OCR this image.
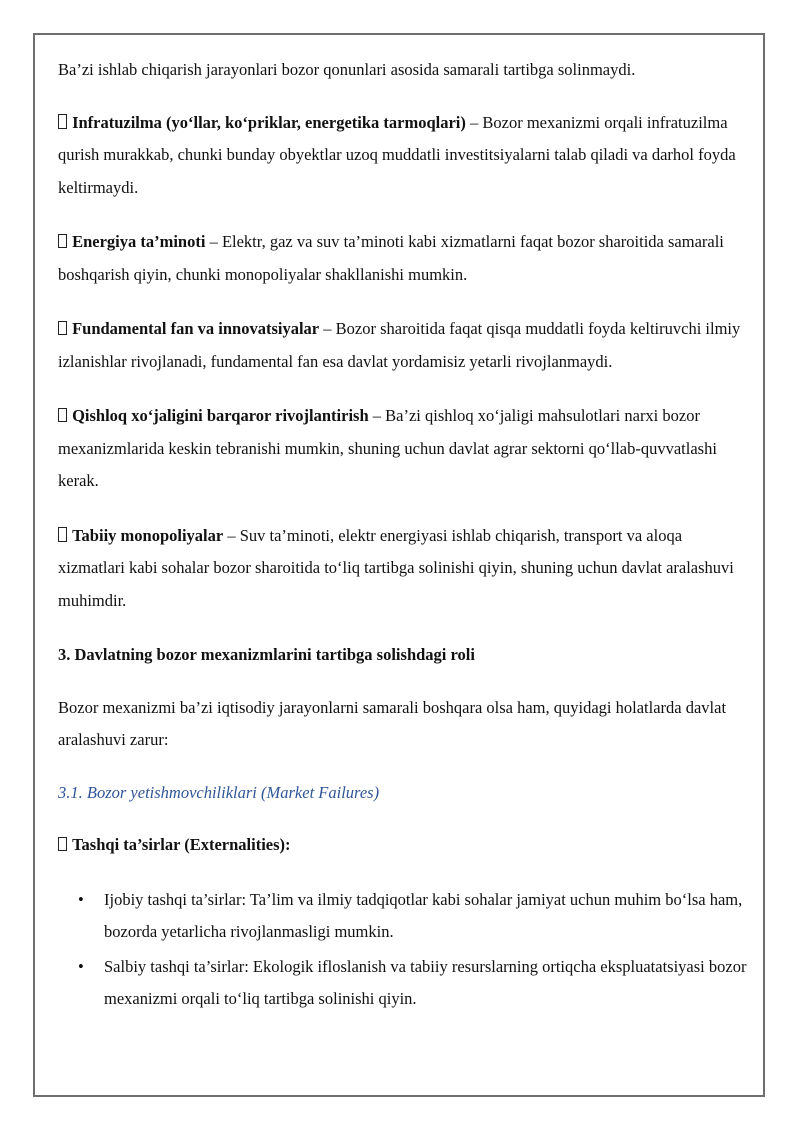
Ba’zi ishlab chiqarish jarayonlari bozor qonunlari asosida samarali tartibga solinmaydi.

Infratuzilma (yo‘llar, ko‘priklar, energetika tarmoqlari) – Bozor mexanizmi orqali infratuzilma qurish murakkab, chunki bunday obyektlar uzoq muddatli investitsiyalarni talab qiladi va darhol foyda keltirmaydi.

Energiya ta’minoti – Elektr, gaz va suv ta’minoti kabi xizmatlarni faqat bozor sharoitida samarali boshqarish qiyin, chunki monopoliyalar shakllanishi mumkin.

Fundamental fan va innovatsiyalar – Bozor sharoitida faqat qisqa muddatli foyda keltiruvchi ilmiy izlanishlar rivojlanadi, fundamental fan esa davlat yordamisiz yetarli rivojlanmaydi.

Qishloq xo‘jaligini barqaror rivojlantirish – Ba’zi qishloq xo‘jaligi mahsulotlari narxi bozor mexanizmlarida keskin tebranishi mumkin, shuning uchun davlat agrar sektorni qo‘llab-quvvatlashi kerak.

Tabiiy monopoliyalar – Suv ta’minoti, elektr energiyasi ishlab chiqarish, transport va aloqa xizmatlari kabi sohalar bozor sharoitida to‘liq tartibga solinishi qiyin, shuning uchun davlat aralashuvi muhimdir.

3. Davlatning bozor mexanizmlarini tartibga solishdagi roli

Bozor mexanizmi ba’zi iqtisodiy jarayonlarni samarali boshqara olsa ham, quyidagi holatlarda davlat aralashuvi zarur:

3.1. Bozor yetishmovchiliklari (Market Failures)

Tashqi ta’sirlar (Externalities):

• Ijobiy tashqi ta’sirlar: Ta’lim va ilmiy tadqiqotlar kabi sohalar jamiyat uchun muhim bo‘lsa ham, bozorda yetarlicha rivojlanmasligi mumkin.
• Salbiy tashqi ta’sirlar: Ekologik ifloslanish va tabiiy resurslarning ortiqcha ekspluatatsiyasi bozor mexanizmi orqali to‘liq tartibga solinishi qiyin.
